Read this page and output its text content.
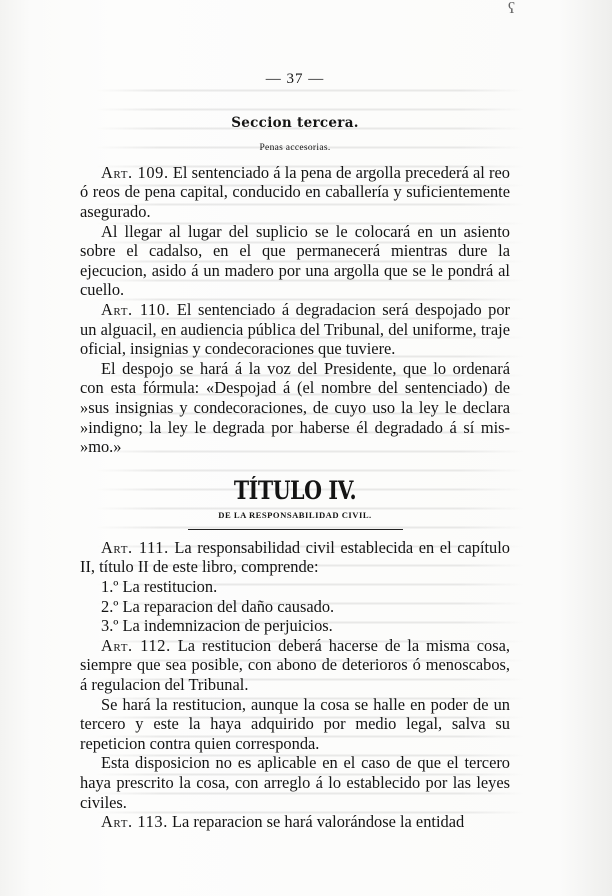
ʕ
— 37 —
Seccion tercera.
Penas accesorias.

Art. 109. El sentenciado á la pena de argolla precederá al reo ó reos de pena capital, conducido en caballería y suficientemente asegurado.

Al llegar al lugar del suplicio se le colocará en un asiento sobre el cadalso, en el que permanecerá mientras dure la ejecucion, asido á un madero por una argolla que se le pondrá al cuello.

Art. 110. El sentenciado á degradacion será despojado por un alguacil, en audiencia pública del Tribunal, del uniforme, traje oficial, insignias y condecoraciones que tuviere.

El despojo se hará á la voz del Presidente, que lo ordenará con esta fórmula: «Despojad á (el nombre del sentenciado) de »sus insignias y condecoraciones, de cuyo uso la ley le declara »indigno; la ley le degrada por haberse él degradado á sí mis- »mo.»

TÍTULO IV.
DE LA RESPONSABILIDAD CIVIL.

Art. 111. La responsabilidad civil establecida en el capítulo II, título II de este libro, comprende:

1.º La restitucion.

2.º La reparacion del daño causado.

3.º La indemnizacion de perjuicios.

Art. 112. La restitucion deberá hacerse de la misma cosa, siempre que sea posible, con abono de deterioros ó menoscabos, á regulacion del Tribunal.

Se hará la restitucion, aunque la cosa se halle en poder de un tercero y este la haya adquirido por medio legal, salva su repeticion contra quien corresponda.

Esta disposicion no es aplicable en el caso de que el tercero haya prescrito la cosa, con arreglo á lo establecido por las leyes civiles.

Art. 113. La reparacion se hará valorándose la entidad
